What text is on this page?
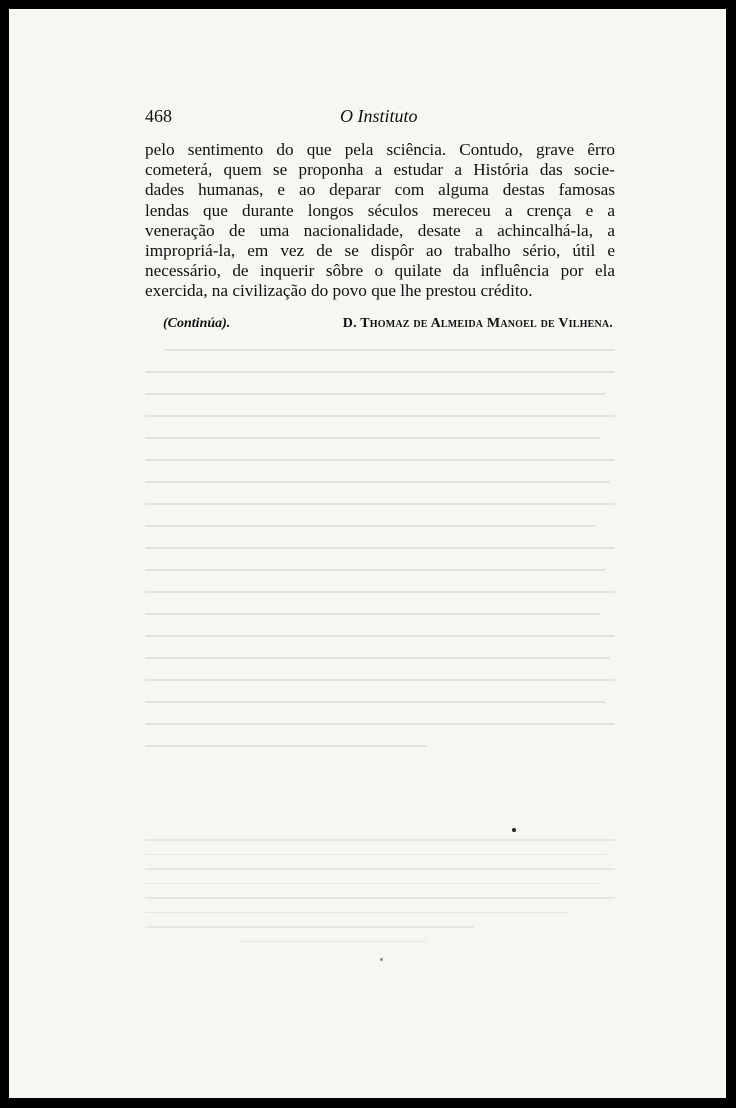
468	O Instituto
pelo sentimento do que pela sciência. Contudo, grave êrro
cometerá, quem se proponha a estudar a História das socie-
dades humanas, e ao deparar com alguma destas famosas
lendas que durante longos séculos mereceu a crença e a
veneração de uma nacionalidade, desate a achincalhá-la, a
impropriá-la, em vez de se dispôr ao trabalho sério, útil e
necessário, de inquerir sôbre o quilate da influência por ela
exercida, na civilização do povo que lhe prestou crédito.
(Continúa).	D. Thomaz de Almeida Manoel de Vilhena.
